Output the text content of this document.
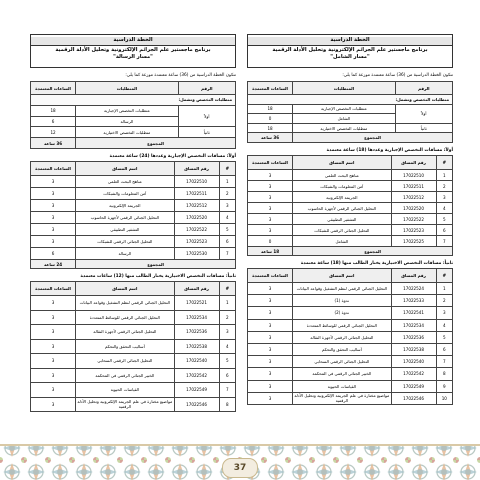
الخطة الدراسية
برنامج ماجستير علم الجرائم الإلكترونية وتحليل الأدلة الرقمية
"مسار الرسالة"
تتكون الخطة الدراسية من (36) ساعة معتمدة موزعة كما يلي:
الرقم	المتطلبات	الساعات المعتمدة
متطلبات التخصص وتشمل:		
أولاً	متطلبات التخصص الإجبارية	18
	الرسالة	6
ثانياً	متطلبات التخصص الاختيارية	12
المجموع		36 ساعة
أولاً: مساقات التخصص الإجبارية وعددها (24) ساعة معتمدة
#	رقم المساق	اسم المساق	الساعات المعتمدة
1	17022510	مناهج البحث العلمي	3
2	17022511	أمن المعلومات والشبكات	3
3	17022512	الجريمة الإلكترونية	3
4	17022520	التحليل الجنائي الرقمي لأجهزة الحاسوب	3
5	17022522	التشفير التطبيقي	3
6	17022523	التحليل الجنائي الرقمي للشبكات	3
7	17022530	الرسالة	6
المجموع			24 ساعة
ثانياً: مساقات التخصص الاختيارية يختار الطالب منها (12) ساعات معتمدة
#	رقم المساق	اسم المساق	الساعات المعتمدة
1	17022521	التحليل الجنائي الرقمي لنظم التشغيل وقواعد البيانات	3
2	17022534	التحليل الجنائي الرقمي للوسائط المتعددة	3
3	17022536	التحليل الجنائي الرقمي لأجهزة النقالة	3
4	17022538	أساليب التحقق والتحكم	3
5	17022540	التحليل الجنائي الرقمي السحابي	3
6	17022542	الخبير الجنائي الرقمي في المحكمة	3
7	17022549	القياسات الحيوية	3
8	17022546	مواضيع مختارة في علم الجريمة الإلكترونية وتحليل الأدلة الرقمية	3
الخطة الدراسية
برنامج ماجستير علم الجرائم الإلكترونية وتحليل الأدلة الرقمية
"مسار الشامل"
تتكون الخطة الدراسية من (36) ساعة معتمدة موزعة كما يلي:
الرقم	المتطلبات	الساعات المعتمدة
متطلبات التخصص وتشمل:		
أولاً	متطلبات التخصص الإجبارية	18
	الشامل	0
ثانياً	متطلبات التخصص الاختيارية	18
المجموع		36 ساعة
أولاً: مساقات التخصص الإجبارية وعددها (18) ساعة معتمدة
#	رقم المساق	اسم المساق	الساعات المعتمدة
1	17022510	مناهج البحث العلمي	3
2	17022511	أمن المعلومات والشبكات	3
3	17022512	الجريمة الإلكترونية	3
4	17022520	التحليل الجنائي الرقمي لأجهزة الحاسوب	3
5	17022522	التشفير التطبيقي	3
6	17022523	التحليل الجنائي الرقمي للشبكات	3
7	17022525	الشامل	0
المجموع			18 ساعة
ثانياً: مساقات التخصص الاختيارية يختار الطالب منها (18) ساعة معتمدة
#	رقم المساق	اسم المساق	الساعات المعتمدة
1	17022524	التحليل الجنائي الرقمي لنظم التشغيل وقواعد البيانات	3
2	17022533	ندوة (1)	3
3	17022541	ندوة (2)	3
4	17022534	التحليل الجنائي الرقمي للوسائط المتعددة	3
5	17022536	التحليل الجنائي الرقمي لأجهزة النقالة	3
6	17022538	أساليب التحقق والتحكم	3
7	17022540	التحليل الجنائي الرقمي السحابي	3
8	17022542	الخبير الجنائي الرقمي في المحكمة	3
9	17022549	القياسات الحيوية	3
10	17022546	مواضيع مختارة في علم الجريمة الإلكترونية وتحليل الأدلة الرقمية	3
37
